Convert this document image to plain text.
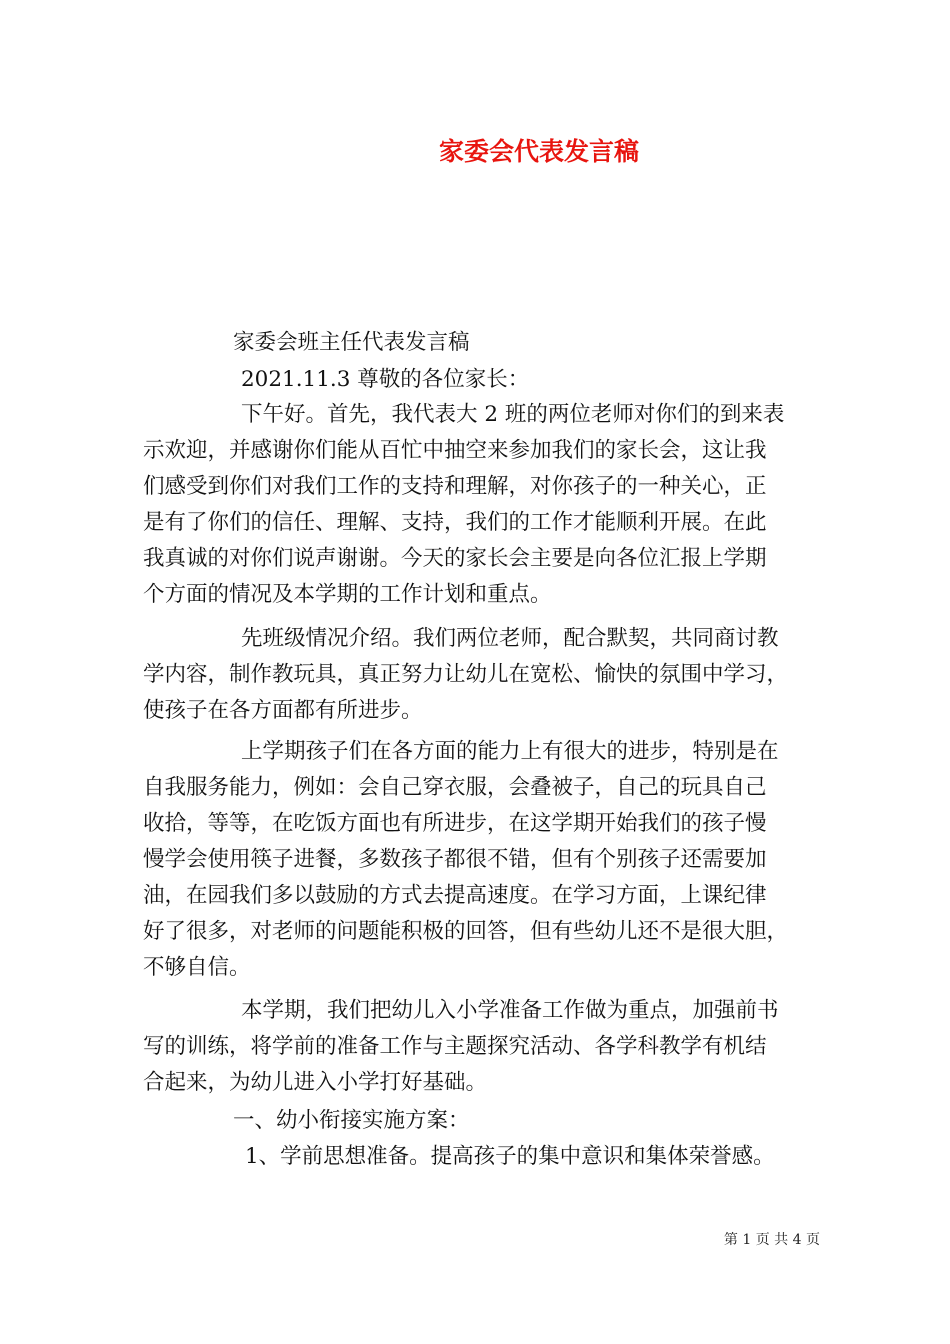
家委会代表发言稿
家委会班主任代表发言稿
2021.11.3 尊敬的各位家长：
下午好。首先，我代表大 2 班的两位老师对你们的到来表
示欢迎，并感谢你们能从百忙中抽空来参加我们的家长会，这让我
们感受到你们对我们工作的支持和理解，对你孩子的一种关心，正
是有了你们的信任、理解、支持，我们的工作才能顺利开展。在此
我真诚的对你们说声谢谢。今天的家长会主要是向各位汇报上学期
个方面的情况及本学期的工作计划和重点。
先班级情况介绍。我们两位老师，配合默契，共同商讨教
学内容，制作教玩具，真正努力让幼儿在宽松、愉快的氛围中学习，
使孩子在各方面都有所进步。
上学期孩子们在各方面的能力上有很大的进步，特别是在
自我服务能力，例如：会自己穿衣服，会叠被子，自己的玩具自己
收拾，等等，在吃饭方面也有所进步，在这学期开始我们的孩子慢
慢学会使用筷子进餐，多数孩子都很不错，但有个别孩子还需要加
油，在园我们多以鼓励的方式去提高速度。在学习方面，上课纪律
好了很多，对老师的问题能积极的回答，但有些幼儿还不是很大胆，
不够自信。
本学期，我们把幼儿入小学准备工作做为重点，加强前书
写的训练，将学前的准备工作与主题探究活动、各学科教学有机结
合起来，为幼儿进入小学打好基础。
一、幼小衔接实施方案：
1、学前思想准备。提高孩子的集中意识和集体荣誉感。
第 1 页 共 4 页
